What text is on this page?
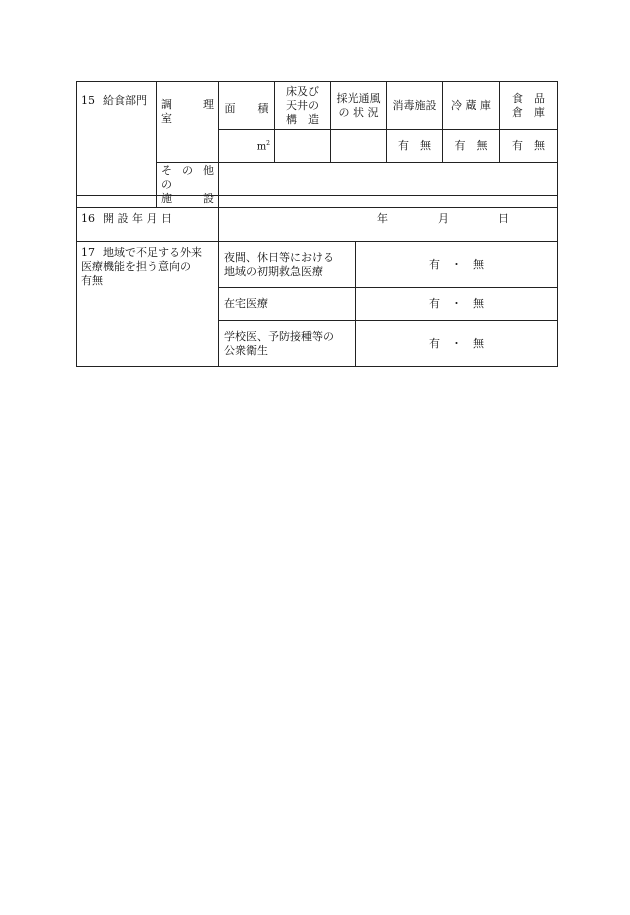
15 給食部門	調　理　室	面　　積	床及び
天井の
構　造	採光通風
の 状 況	消毒施設	冷 蔵 庫	食　品
倉　庫

		$m^2$			有　無	有　無	有　無

	そ の 他 の
施　　設						

16 開 設 年 月 日	年	月	日
17 地域で不足する外来
医療機能を担う意向の
有無	夜間、休日等における
地域の初期救急医療	有　・　無

	在宅医療	有　・　無

	学校医、予防接種等の
公衆衛生	有　・　無
